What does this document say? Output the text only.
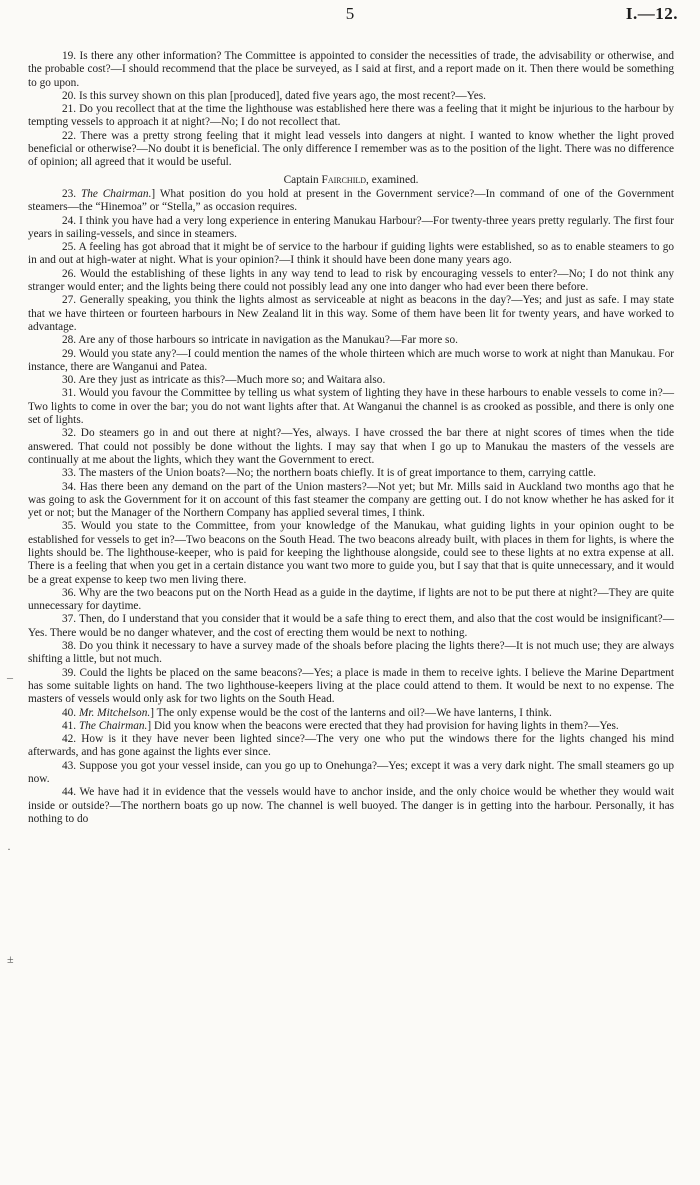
5	I.—12.
–
·
±

19. Is there any other information? The Committee is appointed to consider the necessities of trade, the advisability or otherwise, and the probable cost?—I should recommend that the place be surveyed, as I said at first, and a report made on it. Then there would be something to go upon.

20. Is this survey shown on this plan [produced], dated five years ago, the most recent?—Yes.

21. Do you recollect that at the time the lighthouse was established here there was a feeling that it might be injurious to the harbour by tempting vessels to approach it at night?—No; I do not recollect that.

22. There was a pretty strong feeling that it might lead vessels into dangers at night. I wanted to know whether the light proved beneficial or otherwise?—No doubt it is beneficial. The only difference I remember was as to the position of the light. There was no difference of opinion; all agreed that it would be useful.

Captain Fairchild, examined.

23. The Chairman.] What position do you hold at present in the Government service?—In command of one of the Government steamers—the “Hinemoa” or “Stella,” as occasion requires.

24. I think you have had a very long experience in entering Manukau Harbour?—For twenty-three years pretty regularly. The first four years in sailing-vessels, and since in steamers.

25. A feeling has got abroad that it might be of service to the harbour if guiding lights were established, so as to enable steamers to go in and out at high-water at night. What is your opinion?—I think it should have been done many years ago.

26. Would the establishing of these lights in any way tend to lead to risk by encouraging vessels to enter?—No; I do not think any stranger would enter; and the lights being there could not possibly lead any one into danger who had ever been there before.

27. Generally speaking, you think the lights almost as serviceable at night as beacons in the day?—Yes; and just as safe. I may state that we have thirteen or fourteen harbours in New Zealand lit in this way. Some of them have been lit for twenty years, and have worked to advantage.

28. Are any of those harbours so intricate in navigation as the Manukau?—Far more so.

29. Would you state any?—I could mention the names of the whole thirteen which are much worse to work at night than Manukau. For instance, there are Wanganui and Patea.

30. Are they just as intricate as this?—Much more so; and Waitara also.

31. Would you favour the Committee by telling us what system of lighting they have in these harbours to enable vessels to come in?—Two lights to come in over the bar; you do not want lights after that. At Wanganui the channel is as crooked as possible, and there is only one set of lights.

32. Do steamers go in and out there at night?—Yes, always. I have crossed the bar there at night scores of times when the tide answered. That could not possibly be done without the lights. I may say that when I go up to Manukau the masters of the vessels are continually at me about the lights, which they want the Government to erect.

33. The masters of the Union boats?—No; the northern boats chiefly. It is of great importance to them, carrying cattle.

34. Has there been any demand on the part of the Union masters?—Not yet; but Mr. Mills said in Auckland two months ago that he was going to ask the Government for it on account of this fast steamer the company are getting out. I do not know whether he has asked for it yet or not; but the Manager of the Northern Company has applied several times, I think.

35. Would you state to the Committee, from your knowledge of the Manukau, what guiding lights in your opinion ought to be established for vessels to get in?—Two beacons on the South Head. The two beacons already built, with places in them for lights, is where the lights should be. The lighthouse-keeper, who is paid for keeping the lighthouse alongside, could see to these lights at no extra expense at all. There is a feeling that when you get in a certain distance you want two more to guide you, but I say that that is quite unnecessary, and it would be a great expense to keep two men living there.

36. Why are the two beacons put on the North Head as a guide in the daytime, if lights are not to be put there at night?—They are quite unnecessary for daytime.

37. Then, do I understand that you consider that it would be a safe thing to erect them, and also that the cost would be insignificant?—Yes. There would be no danger whatever, and the cost of erecting them would be next to nothing.

38. Do you think it necessary to have a survey made of the shoals before placing the lights there?—It is not much use; they are always shifting a little, but not much.

39. Could the lights be placed on the same beacons?—Yes; a place is made in them to receive ights. I believe the Marine Department has some suitable lights on hand. The two lighthouse-keepers living at the place could attend to them. It would be next to no expense. The masters of vessels would only ask for two lights on the South Head.

40. Mr. Mitchelson.] The only expense would be the cost of the lanterns and oil?—We have lanterns, I think.

41. The Chairman.] Did you know when the beacons were erected that they had provision for having lights in them?—Yes.

42. How is it they have never been lighted since?—The very one who put the windows there for the lights changed his mind afterwards, and has gone against the lights ever since.

43. Suppose you got your vessel inside, can you go up to Onehunga?—Yes; except it was a very dark night. The small steamers go up now.

44. We have had it in evidence that the vessels would have to anchor inside, and the only choice would be whether they would wait inside or outside?—The northern boats go up now. The channel is well buoyed. The danger is in getting into the harbour. Personally, it has nothing to do
